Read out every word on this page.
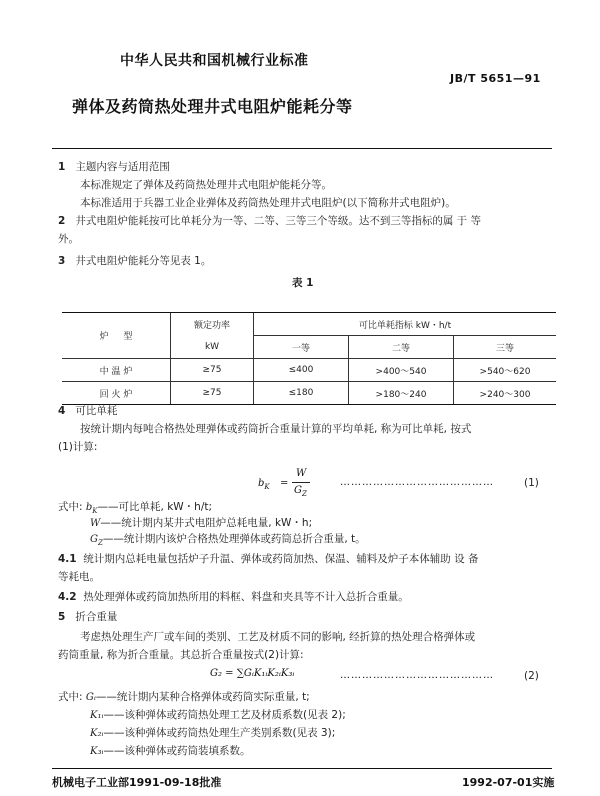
中华人民共和国机械行业标准
JB/T 5651—91
弹体及药筒热处理井式电阻炉能耗分等
1 主题内容与适用范围
本标准规定了弹体及药筒热处理井式电阻炉能耗分等。
本标准适用于兵器工业企业弹体及药筒热处理井式电阻炉(以下简称井式电阻炉)。
2 井式电阻炉能耗按可比单耗分为一等、二等、三等三个等级。达不到三等指标的属 于 等
外。
3 井式电阻炉能耗分等见表 1。
表 1
炉 　 型	额定功率	可比单耗指标 kW・h/t		
	kW	一等	二等	三等
中 温 炉	≥75	≤400	>400～540	>540～620
回 火 炉	≥75	≤180	>180～240	>240～300
4 可比单耗
按统计期内每吨合格热处理弹体或药筒折合重量计算的平均单耗, 称为可比单耗, 按式
(1)计算:
$b_K$ =
W
$G_Z$
……………………………………	(1)
式中: $b_K——$可比单耗, kW・h/t;
W——统计期内某井式电阻炉总耗电量, kW・h;
$G_Z——$统计期内该炉合格热处理弹体或药筒总折合重量, t。
4.1 统计期内总耗电量包括炉子升温、弹体或药筒加热、保温、辅料及炉子本体辅助 设 备
等耗电。
4.2 热处理弹体或药筒加热所用的料框、料盘和夹具等不计入总折合重量。
5 折合重量
考虑热处理生产厂或车间的类别、工艺及材质不同的影响, 经折算的热处理合格弹体或
药筒重量, 称为折合重量。其总折合重量按式(2)计算:
G₂ = ∑GᵢK₁ᵢK₂ᵢK₃ᵢ	……………………………………	(2)
式中: Gᵢ——统计期内某种合格弹体或药筒实际重量, t;
K₁ᵢ——该种弹体或药筒热处理工艺及材质系数(见表 2);
K₂ᵢ——该种弹体或药筒热处理生产类别系数(见表 3);
K₃ᵢ——该种弹体或药筒装填系数。
机械电子工业部1991-09-18批准	1992-07-01实施
